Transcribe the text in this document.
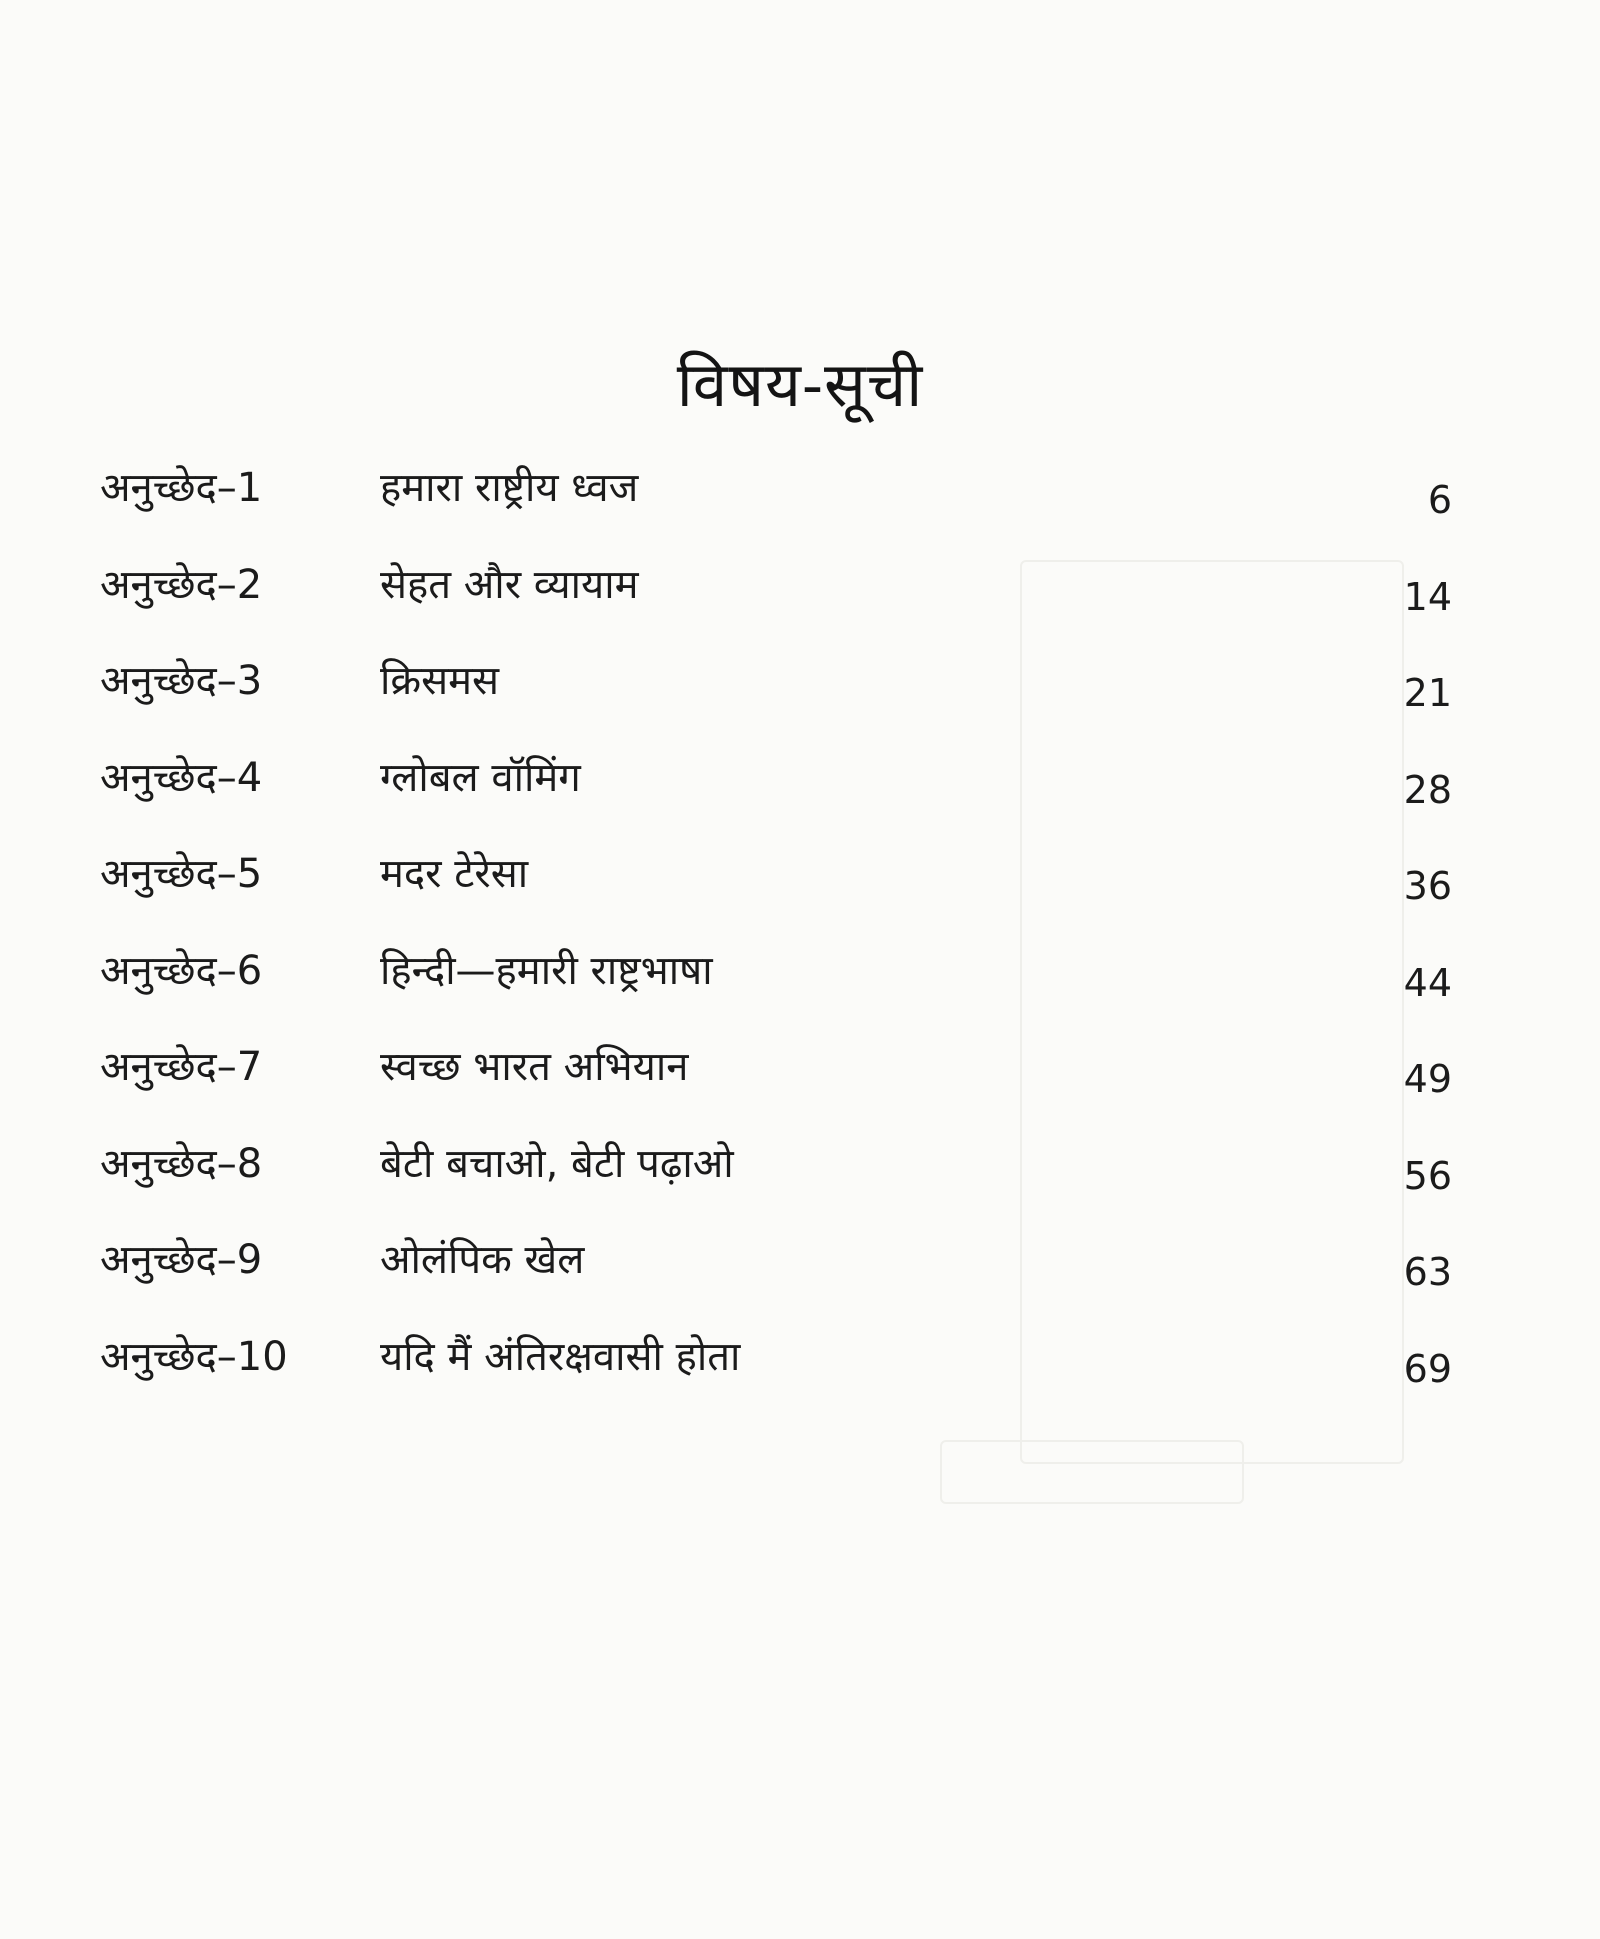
विषय-सूची
अनुच्छेद–1	हमारा राष्ट्रीय ध्वज	6
अनुच्छेद–2	सेहत और व्यायाम	14
अनुच्छेद–3	क्रिसमस	21
अनुच्छेद–4	ग्लोबल वॉमिंग	28
अनुच्छेद–5	मदर टेरेसा	36
अनुच्छेद–6	हिन्दी—हमारी राष्ट्रभाषा	44
अनुच्छेद–7	स्वच्छ भारत अभियान	49
अनुच्छेद–8	बेटी बचाओ, बेटी पढ़ाओ	56
अनुच्छेद–9	ओलंपिक खेल	63
अनुच्छेद–10 यदि मैं अंतिरक्षवासी होता	69
